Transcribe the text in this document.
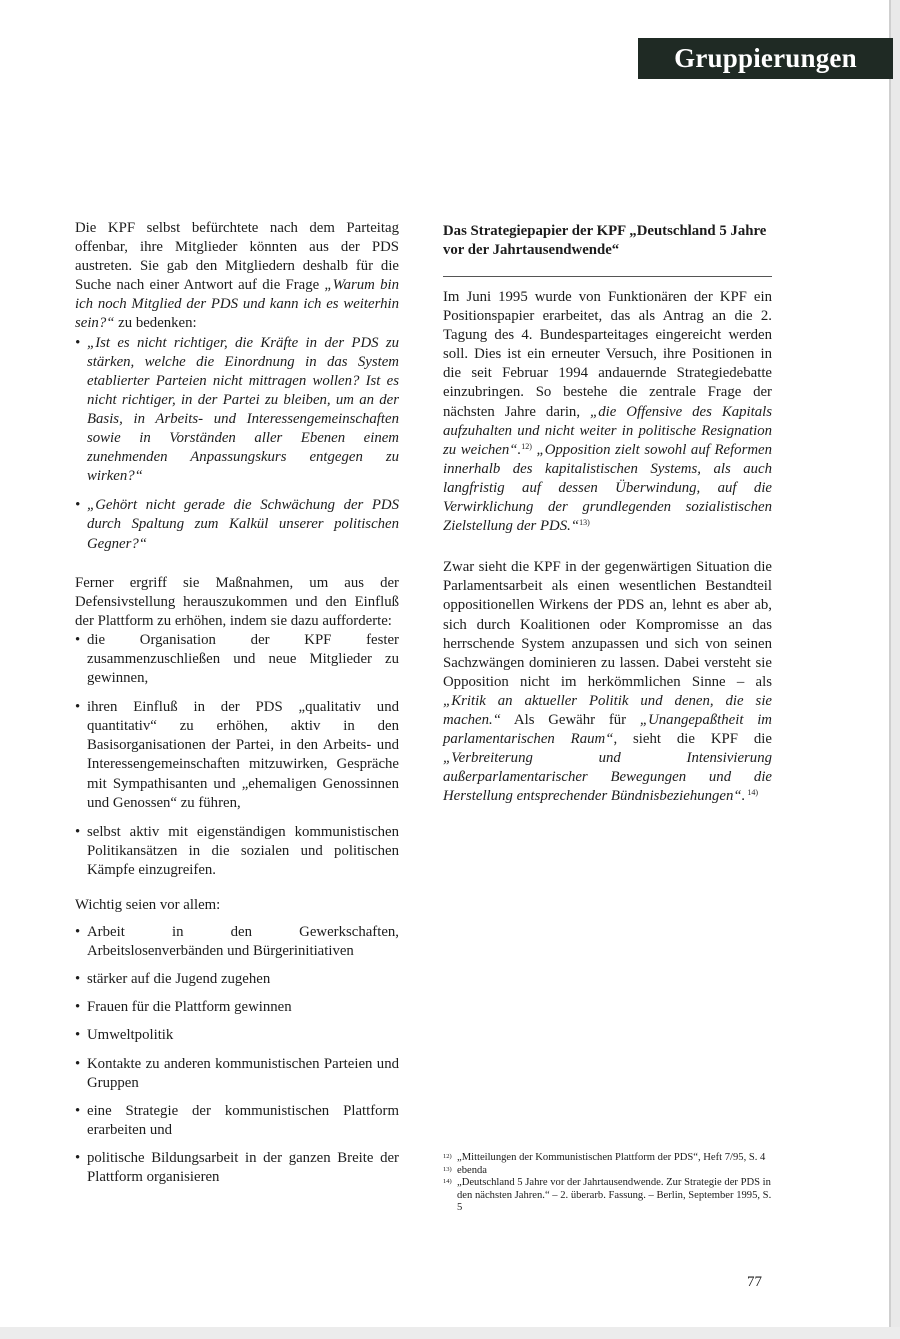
Gruppierungen

Die KPF selbst befürchtete nach dem Parteitag offenbar, ihre Mitglieder könnten aus der PDS austreten. Sie gab den Mitgliedern deshalb für die Suche nach einer Antwort auf die Frage „Warum bin ich noch Mitglied der PDS und kann ich es weiterhin sein?“ zu bedenken:

• „Ist es nicht richtiger, die Kräfte in der PDS zu stärken, welche die Einordnung in das System etablierter Parteien nicht mittragen wollen? Ist es nicht richtiger, in der Partei zu bleiben, um an der Basis, in Arbeits- und Interessengemeinschaften sowie in Vorständen aller Ebenen einem zunehmenden Anpassungskurs entgegen zu wirken?“
• „Gehört nicht gerade die Schwächung der PDS durch Spaltung zum Kalkül unserer politischen Gegner?“

Ferner ergriff sie Maßnahmen, um aus der Defensivstellung herauszukommen und den Einfluß der Plattform zu erhöhen, indem sie dazu aufforderte:

• die Organisation der KPF fester zusammenzuschließen und neue Mitglieder zu gewinnen,
• ihren Einfluß in der PDS „qualitativ und quantitativ“ zu erhöhen, aktiv in den Basisorganisationen der Partei, in den Arbeits- und Interessengemeinschaften mitzuwirken, Gespräche mit Sympathisanten und „ehemaligen Genossinnen und Genossen“ zu führen,
• selbst aktiv mit eigenständigen kommunistischen Politikansätzen in die sozialen und politischen Kämpfe einzugreifen.

Wichtig seien vor allem:

• Arbeit in den Gewerkschaften, Arbeitslosenverbänden und Bürgerinitiativen
• stärker auf die Jugend zugehen
• Frauen für die Plattform gewinnen
• Umweltpolitik
• Kontakte zu anderen kommunistischen Parteien und Gruppen
• eine Strategie der kommunistischen Plattform erarbeiten und
• politische Bildungsarbeit in der ganzen Breite der Plattform organisieren
Das Strategiepapier der KPF „Deutschland 5 Jahre vor der Jahrtausendwende“

Im Juni 1995 wurde von Funktionären der KPF ein Positionspapier erarbeitet, das als Antrag an die 2. Tagung des 4. Bundesparteitages eingereicht werden soll. Dies ist ein erneuter Versuch, ihre Positionen in die seit Februar 1994 andauernde Strategiedebatte einzubringen. So bestehe die zentrale Frage der nächsten Jahre darin, „die Offensive des Kapitals aufzuhalten und nicht weiter in politische Resignation zu weichen“.$^{12)}$ „Opposition zielt sowohl auf Reformen innerhalb des kapitalistischen Systems, als auch langfristig auf dessen Überwindung, auf die Verwirklichung der grundlegenden sozialistischen Zielstellung der PDS.“$^{13)}$

Zwar sieht die KPF in der gegenwärtigen Situation die Parlamentsarbeit als einen wesentlichen Bestandteil oppositionellen Wirkens der PDS an, lehnt es aber ab, sich durch Koalitionen oder Kompromisse an das herrschende System anzupassen und sich von seinen Sachzwängen dominieren zu lassen. Dabei versteht sie Opposition nicht im herkömmlichen Sinne – als „Kritik an aktueller Politik und denen, die sie machen.“ Als Gewähr für „Unangepaßtheit im parlamentarischen Raum“, sieht die KPF die „Verbreiterung und Intensivierung außerparlamentarischer Bewegungen und die Herstellung entsprechender Bündnisbeziehungen“. $^{14)}$

12) „Mitteilungen der Kommunistischen Plattform der PDS“, Heft 7/95, S. 4
13) ebenda
14) „Deutschland 5 Jahre vor der Jahrtausendwende. Zur Strategie der PDS in den nächsten Jahren.“ – 2. überarb. Fassung. – Berlin, September 1995, S. 5
77
